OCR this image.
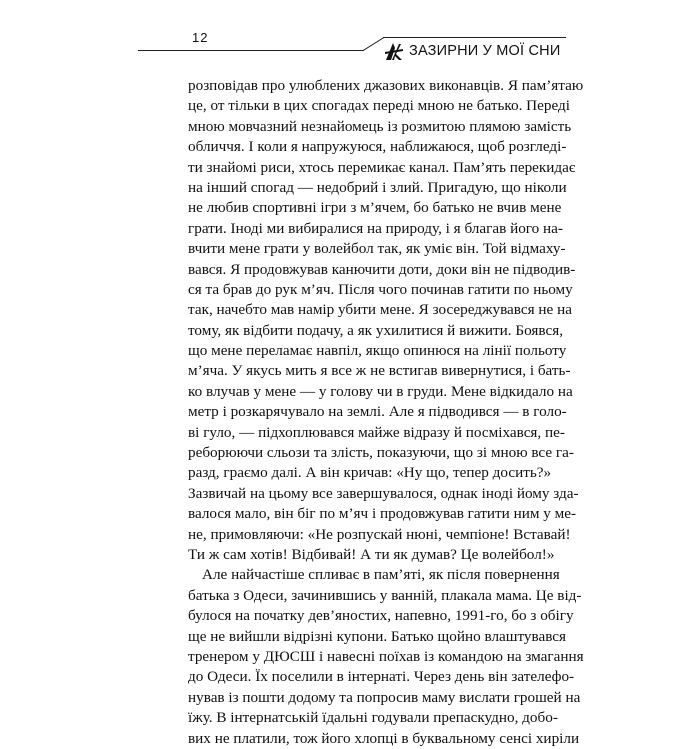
12
ЗАЗИРНИ У МОЇ СНИ
розповідав про улюблених джазових виконавців. Я пам’ятаю
це, от тільки в цих спогадах переді мною не батько. Переді
мною мовчазний незнайомець із розмитою плямою замість
обличчя. І коли я напружуюся, наближаюся, щоб розгледі-
ти знайомі риси, хтось перемикає канал. Пам’ять перекидає
на інший спогад — недобрий і злий. Пригадую, що ніколи
не любив спортивні ігри з м’ячем, бо батько не вчив мене
грати. Іноді ми вибиралися на природу, і я благав його на-
вчити мене грати у волейбол так, як уміє він. Той відмаху-
вався. Я продовжував канючити доти, доки він не підводив-
ся та брав до рук м’яч. Після чого починав гатити по ньому
так, начебто мав намір убити мене. Я зосереджувався не на
тому, як відбити подачу, а як ухилитися й вижити. Боявся,
що мене переламає навпіл, якщо опинюся на лінії польоту
м’яча. У якусь мить я все ж не встигав вивернутися, і бать-
ко влучав у мене — у голову чи в груди. Мене відкидало на
метр і розкарячувало на землі. Але я підводився — в голо-
ві гуло, — підхоплювався майже відразу й посміхався, пе-
реборюючи сльози та злість, показуючи, що зі мною все га-
разд, граємо далі. А він кричав: «Ну що, тепер досить?»
Зазвичай на цьому все завершувалося, однак іноді йому зда-
валося мало, він біг по м’яч і продовжував гатити ним у ме-
не, примовляючи: «Не розпускай нюні, чемпіоне! Вставай!
Ти ж сам хотів! Відбивай! А ти як думав? Це волейбол!»
Але найчастіше спливає в пам’яті, як після повернення
батька з Одеси, зачинившись у ванній, плакала мама. Це від-
булося на початку дев’яностих, напевно, 1991-го, бо з обігу
ще не вийшли відрізні купони. Батько щойно влаштувався
тренером у ДЮСШ і навесні поїхав із командою на змагання
до Одеси. Їх поселили в інтернаті. Через день він зателефо-
нував із пошти додому та попросив маму вислати грошей на
їжу. В інтернатській їдальні годували препаскудно, добо-
вих не платили, тож його хлопці в буквальному сенсі хиріли
